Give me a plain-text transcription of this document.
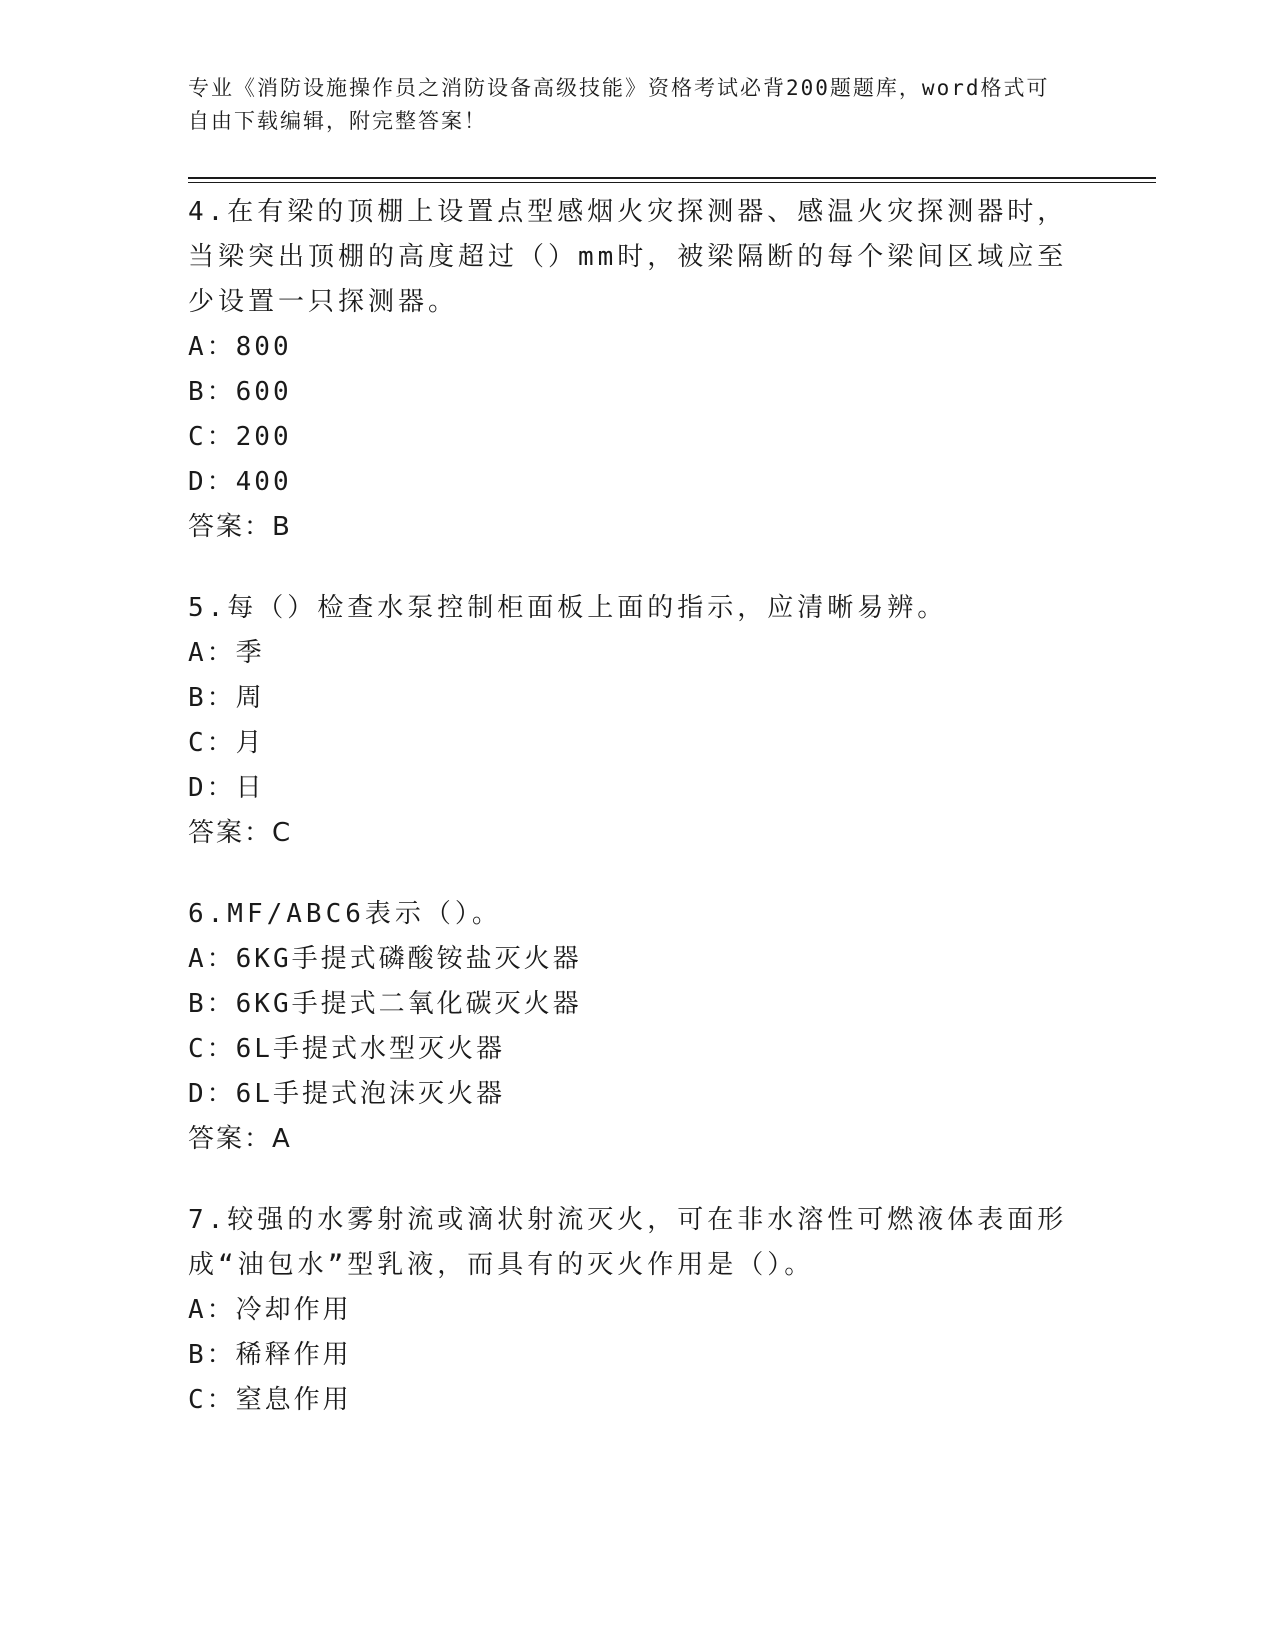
专业《消防设施操作员之消防设备高级技能》资格考试必背200题题库，word格式可自由下载编辑，附完整答案！
4.在有梁的顶棚上设置点型感烟火灾探测器、感温火灾探测器时，当梁突出顶棚的高度超过（）mm时，被梁隔断的每个梁间区域应至少设置一只探测器。
A：800
B：600
C：200
D：400
答案：B
5.每（）检查水泵控制柜面板上面的指示，应清晰易辨。
A：季
B：周
C：月
D：日
答案：C
6.MF/ABC6表示（）。
A：6KG手提式磷酸铵盐灭火器
B：6KG手提式二氧化碳灭火器
C：6L手提式水型灭火器
D：6L手提式泡沫灭火器
答案：A
7.较强的水雾射流或滴状射流灭火，可在非水溶性可燃液体表面形成“油包水”型乳液，而具有的灭火作用是（）。
A：冷却作用
B：稀释作用
C：窒息作用
